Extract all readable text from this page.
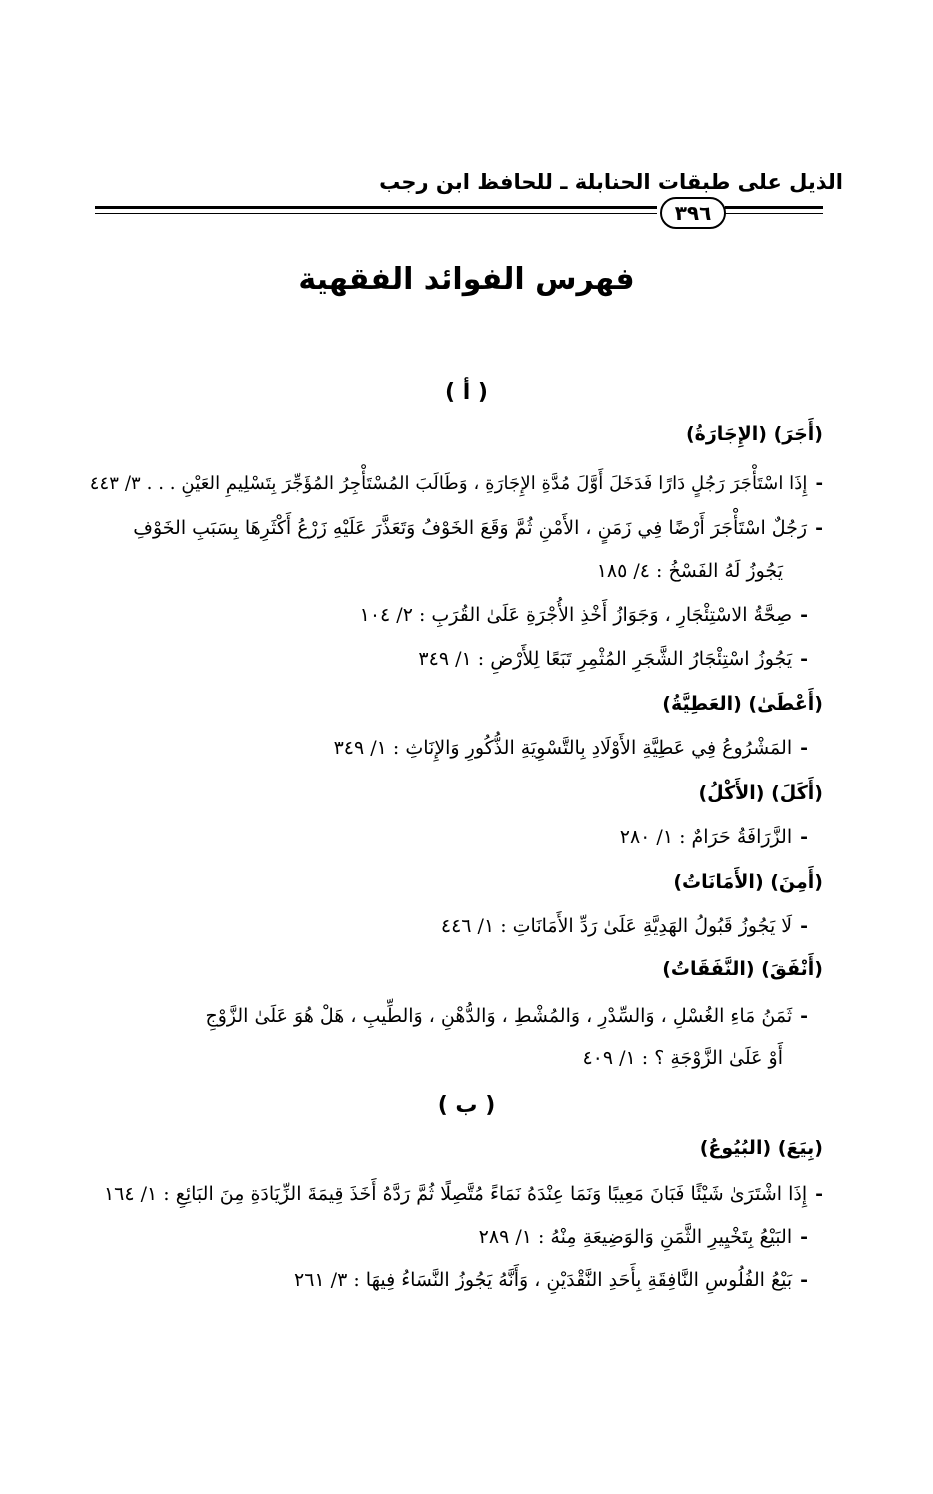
الذيل على طبقات الحنابلة ـ للحافظ ابن رجب
٣٩٦
فهرس الفوائد الفقهية
( أ )
(أَجَرَ) (الإِجَارَةُ)
-إِذَا اسْتَأْجَرَ رَجُلٍ دَارًا فَدَخَلَ أَوَّلَ مُدَّةِ الإِجَارَةِ ، وَطَالَبَ المُسْتَأْجِرُ المُؤَجِّرَ بِتَسْلِيمِ العَيْنِ . . . ٣/ ٤٤٣
-رَجُلٌ اسْتَأْجَرَ أَرْضًا فِي زَمَنٍ ، الأَمْنِ ثُمَّ وَقَعَ الخَوْفُ وَتَعَذَّرَ عَلَيْهِ زَرْعُ أَكْثَرِهَا بِسَبَبِ الخَوْفِ
يَجُوزُ لَهُ الفَسْخُ : ٤/ ١٨٥
-صِحَّةُ الاسْتِئْجَارِ ، وَجَوَازُ أَخْذِ الأُجْرَةِ عَلَىٰ القُرَبِ : ٢/ ١٠٤
-يَجُوزُ اسْتِئْجَارُ الشَّجَرِ المُثْمِرِ تَبَعًا لِلأَرْضِ : ١/ ٣٤٩
(أَعْطَىٰ) (العَطِيَّةُ)
-المَشْرُوعُ فِي عَطِيَّةِ الأَوْلَادِ بِالتَّسْوِيَةِ الذُّكُورِ وَالإِنَاثِ : ١/ ٣٤٩
(أَكَلَ) (الأَكْلُ)
-الزَّرَافَةُ حَرَامٌ : ١/ ٢٨٠
(أَمِنَ) (الأَمَانَاتُ)
-لَا يَجُوزُ قَبُولُ الهَدِيَّةِ عَلَىٰ رَدِّ الأَمَانَاتِ : ١/ ٤٤٦
(أَنْفَقَ) (النَّفَقَاتُ)
-ثَمَنُ مَاءِ الغُسْلِ ، وَالسِّدْرِ ، وَالمُشْطِ ، وَالدُّهْنِ ، وَالطِّيبِ ، هَلْ هُوَ عَلَىٰ الزَّوْجِ
أَوْ عَلَىٰ الزَّوْجَةِ ؟ : ١/ ٤٠٩
( ب )
(بِيَعَ) (البُيُوعُ)
-إِذَا اشْتَرَىٰ شَيْئًا فَبَانَ مَعِيبًا وَنَمَا عِنْدَهُ نَمَاءً مُتَّصِلًا ثُمَّ رَدَّهُ أَخَذَ قِيمَةَ الزِّيَادَةِ مِنَ البَائِعِ : ١/ ١٦٤
-البَيْعُ بِتَخْيِيرِ الثَّمَنِ وَالوَضِيعَةِ مِنْهُ : ١/ ٢٨٩
-بَيْعُ الفُلُوسِ النَّافِقَةِ بِأَحَدِ النَّقْدَيْنِ ، وَأَنَّهُ يَجُوزُ النَّسَاءُ فِيهَا : ٣/ ٢٦١
